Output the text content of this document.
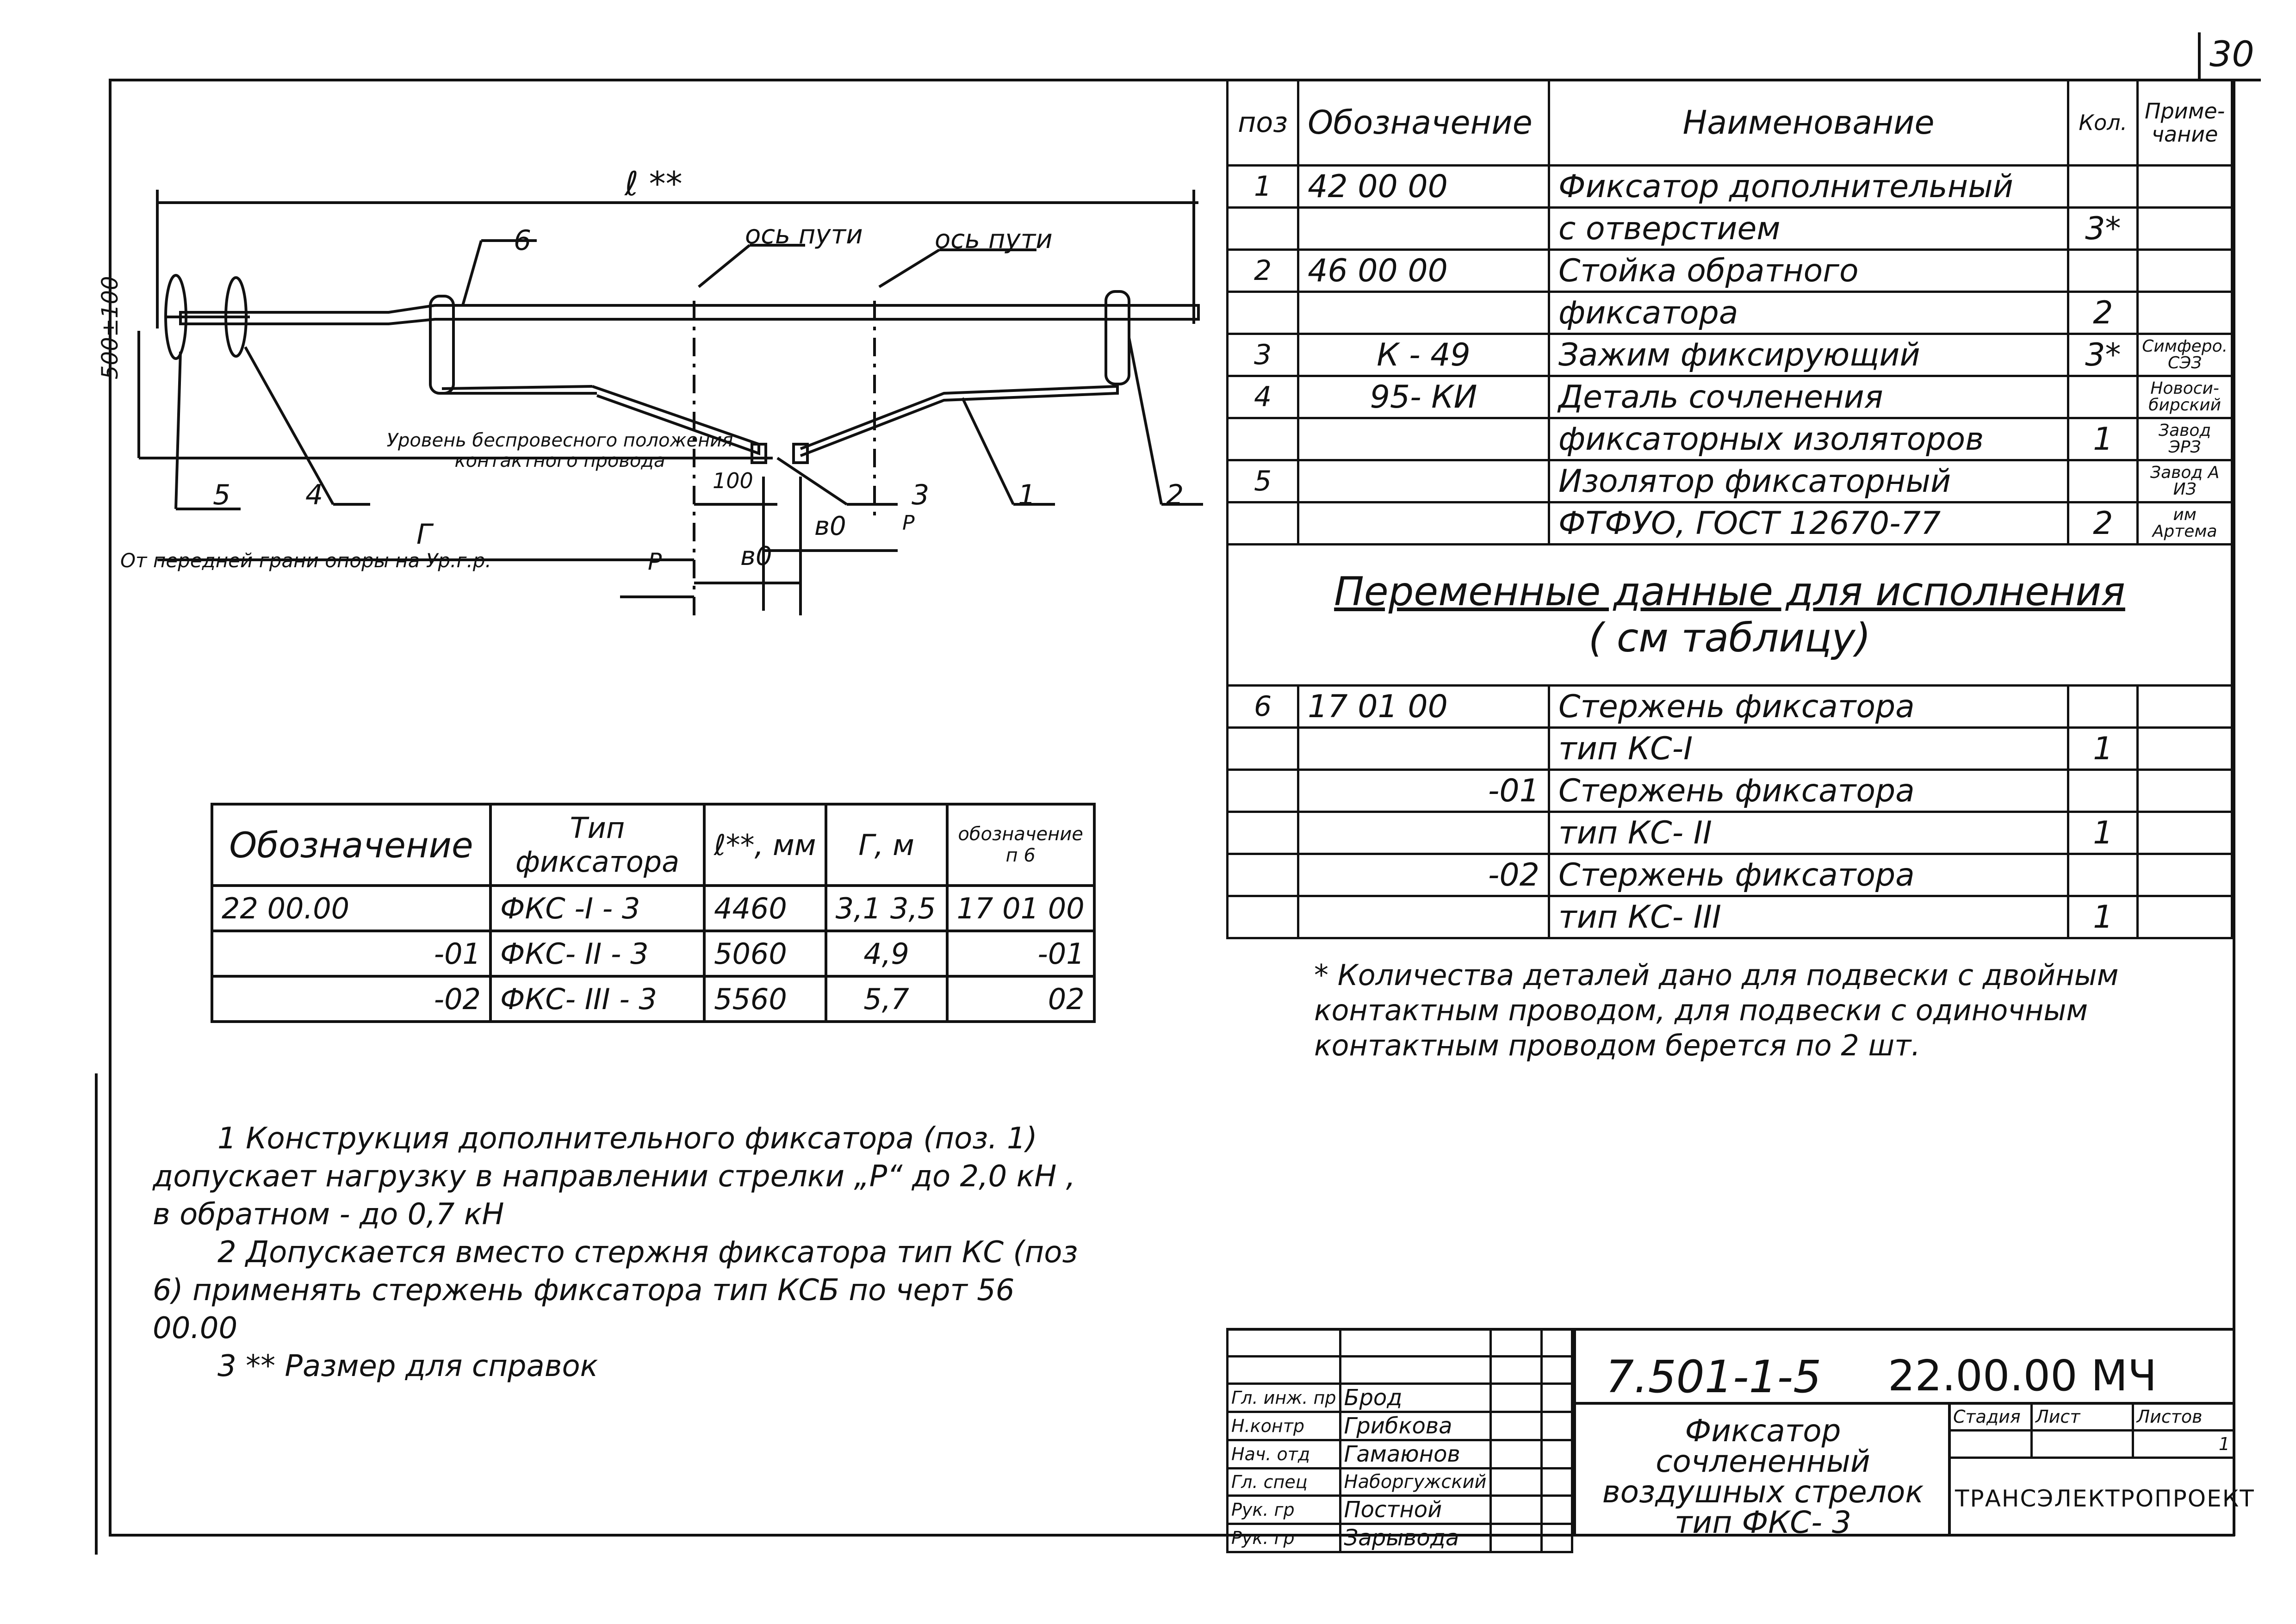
30
ℓ **
ось пути	ось пути
500±100
Уровень беспровесного положения контактного провода
100
в0
в0
Г
Р
Р
От передней грани опоры на Ур.г.р.
6
5	4	3	1	2
поз	Обозначение	Наименование	Кол.	Приме-чание
1	42 00 00	Фиксатор дополнительный		
		с отверстием	3*	
2	46 00 00	Стойка обратного		
		фиксатора	2	
3	К - 49	Зажим фиксирующий	3*	Симферо. СЭЗ
4	95- КИ	Деталь сочленения		Новоси-бирский
		фиксаторных изоляторов	1	Завод ЭРЗ
5		Изолятор фиксаторный		Завод А ИЗ
		ФТФУО, ГОСТ 12670-77	2	им Артема

Переменные данные для исполнения
( см таблицу)				

6	17 01 00	Стержень фиксатора		
		тип КС-I	1	
	-01	Стержень фиксатора		
		тип КС- II	1	
	-02	Стержень фиксатора		
		тип КС- III	1	
* Количества деталей дано для подвески с двойным контактным проводом, для подвески с одиночным контактным проводом берется по 2 шт.
Обозначение	Тип фиксатора	ℓ**, мм	Г, м	обозначение п 6
22 00.00	ФКС -I - 3	4460	3,1 3,5	17 01 00
-01	ФКС- II - 3	5060	4,9	-01
-02	ФКС- III - 3	5560	5,7	02
1 Конструкция дополнительного фиксатора (поз. 1) допускает нагрузку в направлении стрелки „Р“ до 2,0 кН , в обратном - до 0,7 кН
2 Допускается вместо стержня фиксатора тип КС (поз 6) применять стержень фиксатора тип КСБ по черт 56 00.00
3 ** Размер для справок

Гл. инж. пр	Брод		
Н.контр	Грибкова		
Нач. отд	Гамаюнов		
Гл. спец	Наборгужский		
Рук. гр	Постной		
Рук. гр	Зарывода		
7.501-1-5 22.00.00 МЧ
Фиксатор сочлененный воздушных стрелок тип ФКС- 3
Стадия	Лист	Листов
		1
ТРАНСЭЛЕКТРОПРОЕКТ
